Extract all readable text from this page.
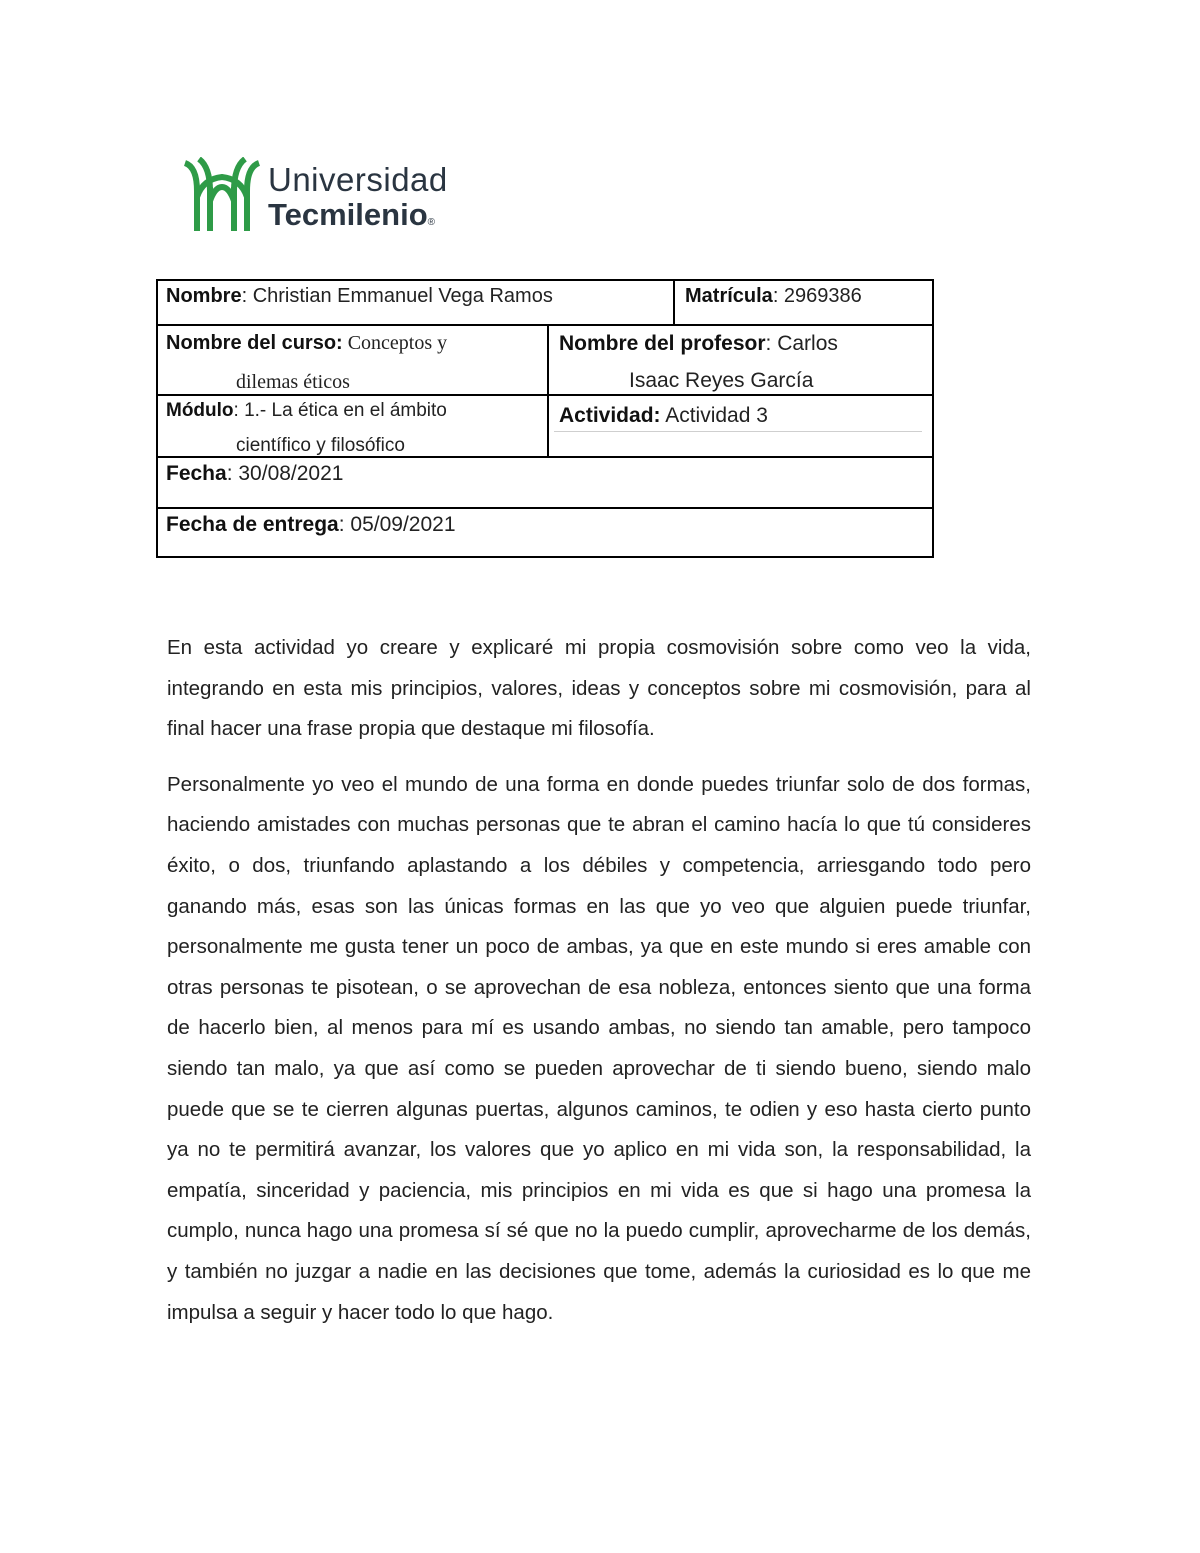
Universidad
Tecmilenio®
Nombre: Christian Emmanuel Vega Ramos	Matrícula: 2969386
Nombre del curso: Conceptos y
dilemas éticos
Nombre del profesor: Carlos
Isaac Reyes García
Módulo: 1.- La ética en el ámbito
científico y filosófico
Actividad: Actividad 3
Fecha: 30/08/2021
Fecha de entrega: 05/09/2021

En esta actividad yo creare y explicaré mi propia cosmovisión sobre como veo la vida, integrando en esta mis principios, valores, ideas y conceptos sobre mi cosmovisión, para al final hacer una frase propia que destaque mi filosofía.

Personalmente yo veo el mundo de una forma en donde puedes triunfar solo de dos formas, haciendo amistades con muchas personas que te abran el camino hacía lo que tú consideres éxito, o dos, triunfando aplastando a los débiles y competencia, arriesgando todo pero ganando más, esas son las únicas formas en las que yo veo que alguien puede triunfar, personalmente me gusta tener un poco de ambas, ya que en este mundo si eres amable con otras personas te pisotean, o se aprovechan de esa nobleza, entonces siento que una forma de hacerlo bien, al menos para mí es usando ambas, no siendo tan amable, pero tampoco siendo tan malo, ya que así como se pueden aprovechar de ti siendo bueno, siendo malo puede que se te cierren algunas puertas, algunos caminos, te odien y eso hasta cierto punto ya no te permitirá avanzar, los valores que yo aplico en mi vida son, la responsabilidad, la empatía, sinceridad y paciencia, mis principios en mi vida es que si hago una promesa la cumplo, nunca hago una promesa sí sé que no la puedo cumplir, aprovecharme de los demás, y también no juzgar a nadie en las decisiones que tome, además la curiosidad es lo que me impulsa a seguir y hacer todo lo que hago.
